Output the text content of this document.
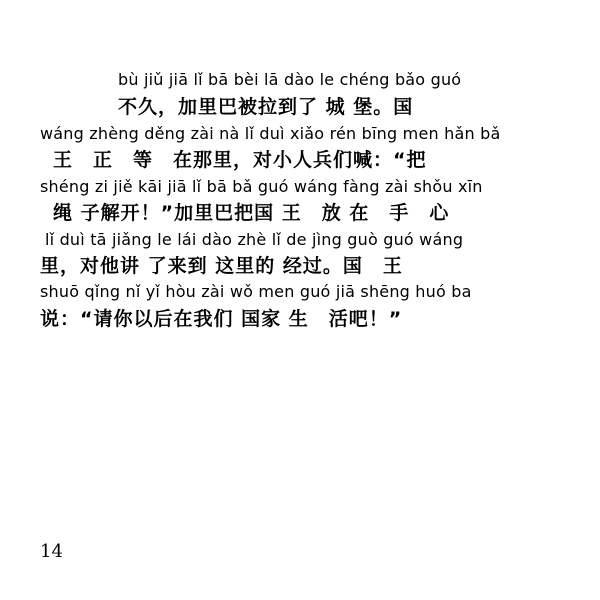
bù jiǔ jiā lǐ bā bèi lā dào le chéng bǎo guó
不久，加里巴被拉到了 城 堡。国
wáng zhèng děng zài nà lǐ duì xiǎo rén bīng men hǎn bǎ
王　正　等　在那里，对小人兵们喊：“把
shéng zi jiě kāi jiā lǐ bā bǎ guó wáng fàng zài shǒu xīn
绳 子解开！”加里巴把国 王　放 在　手　心
lǐ duì tā jiǎng le lái dào zhè lǐ de jìng guò guó wáng
里，对他讲 了来到 这里的 经过。国　王
shuō qǐng nǐ yǐ hòu zài wǒ men guó jiā shēng huó ba
说：“请你以后在我们 国家 生　活吧！”
14
